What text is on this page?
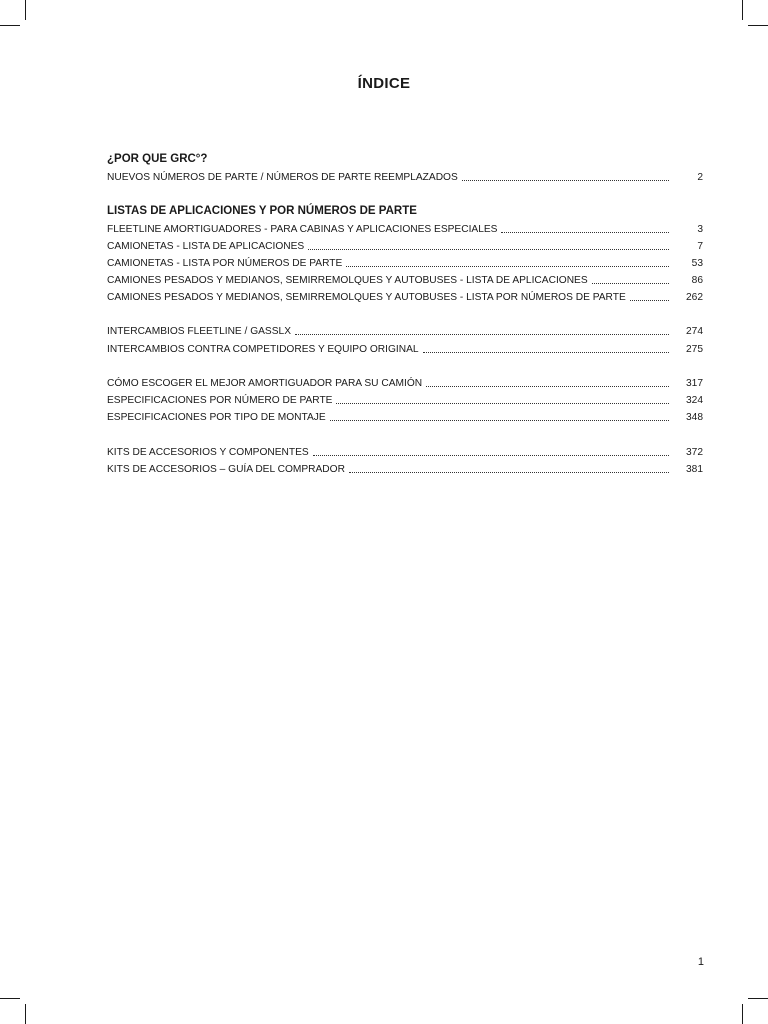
ÍNDICE
¿POR QUE GRC°?
NUEVOS NÚMEROS DE PARTE / NÚMEROS DE PARTE REEMPLAZADOS	2
LISTAS DE APLICACIONES Y POR NÚMEROS DE PARTE
FLEETLINE AMORTIGUADORES - PARA CABINAS Y APLICACIONES ESPECIALES	3
CAMIONETAS - LISTA DE APLICACIONES	7
CAMIONETAS - LISTA POR NÚMEROS DE PARTE	53
CAMIONES PESADOS Y MEDIANOS, SEMIRREMOLQUES Y AUTOBUSES - LISTA DE APLICACIONES	86
CAMIONES PESADOS Y MEDIANOS, SEMIRREMOLQUES Y AUTOBUSES - LISTA POR NÚMEROS DE PARTE	262
INTERCAMBIOS FLEETLINE / GASSLX	274
INTERCAMBIOS CONTRA COMPETIDORES Y EQUIPO ORIGINAL	275
CÓMO ESCOGER EL MEJOR AMORTIGUADOR PARA SU CAMIÓN	317
ESPECIFICACIONES POR NÚMERO DE PARTE	324
ESPECIFICACIONES POR TIPO DE MONTAJE	348
KITS DE ACCESORIOS Y COMPONENTES	372
KITS DE ACCESORIOS – GUÍA DEL COMPRADOR	381
1
